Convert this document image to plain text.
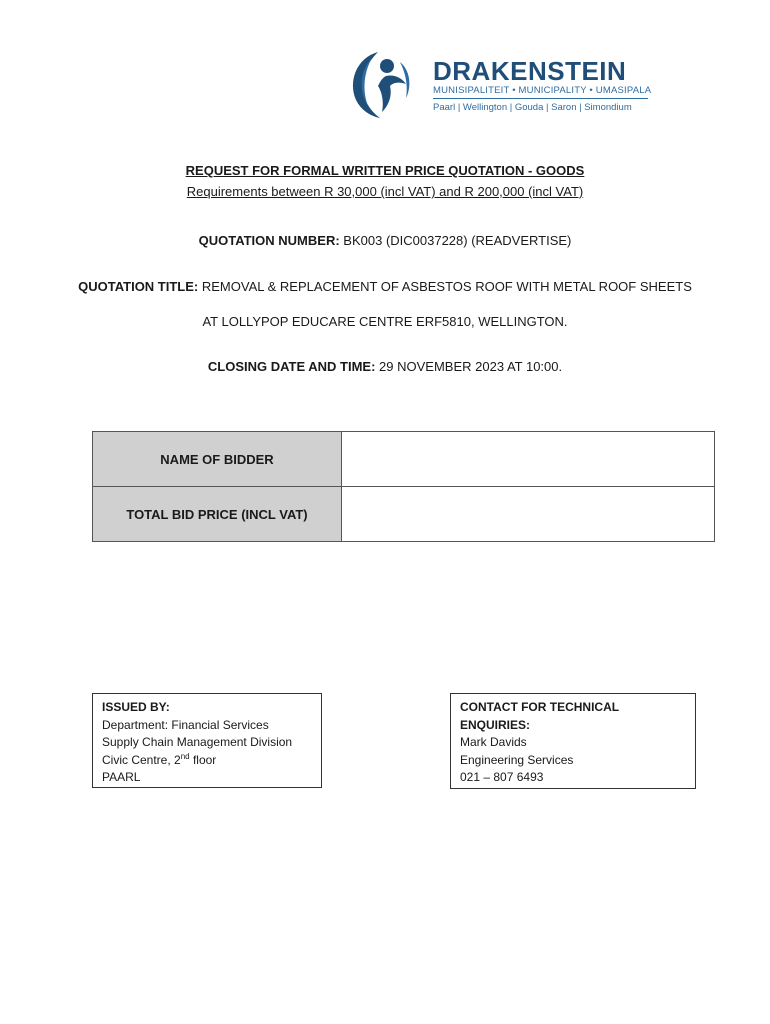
DRAKENSTEIN
MUNISIPALITEIT • MUNICIPALITY • UMASIPALA
Paarl | Wellington | Gouda | Saron | Simondium
REQUEST FOR FORMAL WRITTEN PRICE QUOTATION - GOODS
Requirements between R 30,000 (incl VAT) and R 200,000 (incl VAT)
QUOTATION NUMBER: BK003 (DIC0037228) (READVERTISE)
QUOTATION TITLE: REMOVAL & REPLACEMENT OF ASBESTOS ROOF WITH METAL ROOF SHEETS
AT LOLLYPOP EDUCARE CENTRE ERF5810, WELLINGTON.
CLOSING DATE AND TIME: 29 NOVEMBER 2023 AT 10:00.
NAME OF BIDDER	
TOTAL BID PRICE (INCL VAT)	
ISSUED BY:
Department: Financial Services
Supply Chain Management Division
Civic Centre, 2nd floor
PAARL
CONTACT FOR TECHNICAL ENQUIRIES:
Mark Davids
Engineering Services
021 – 807 6493
